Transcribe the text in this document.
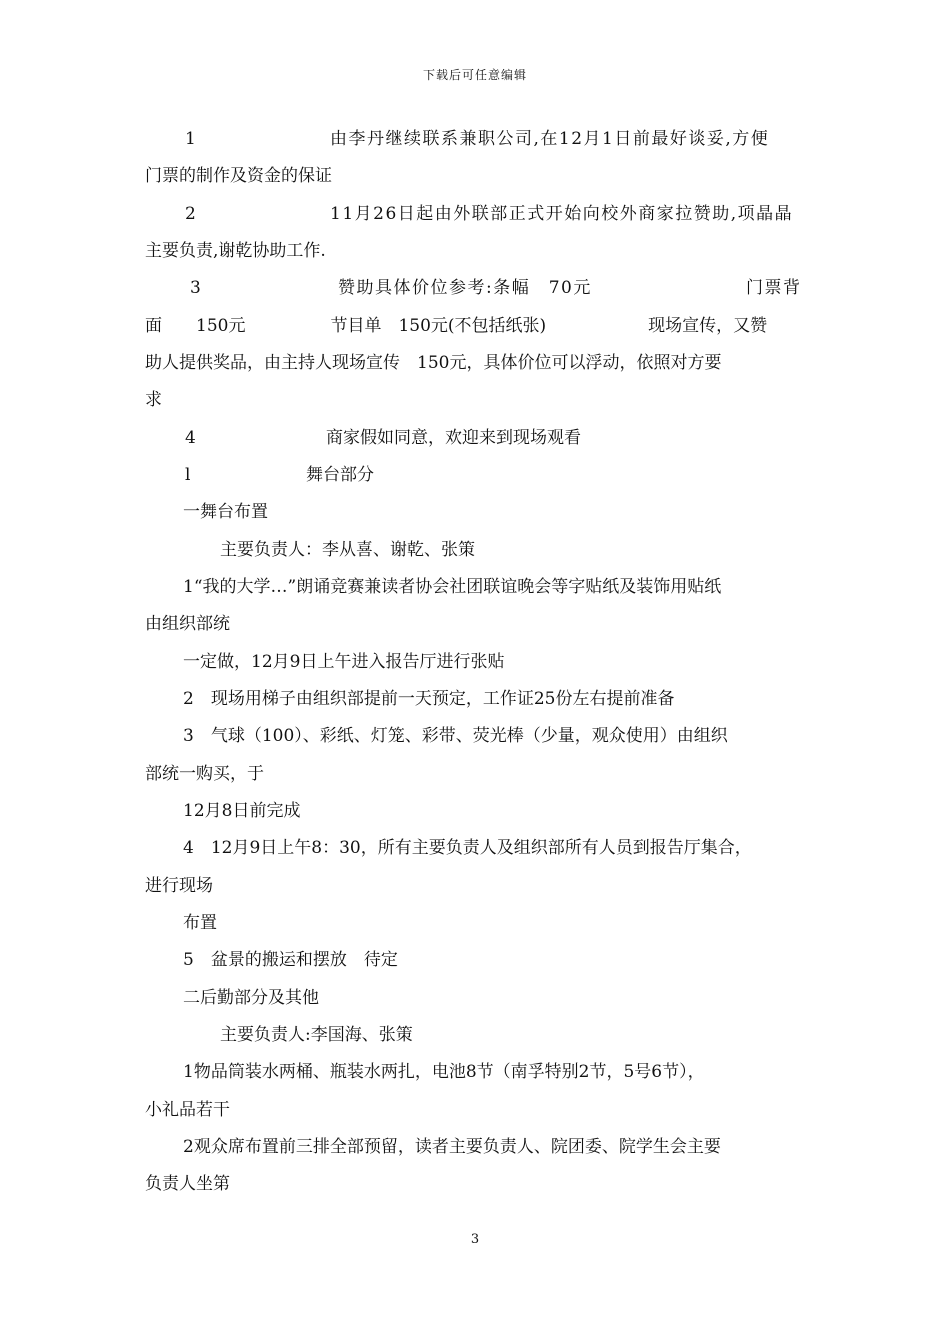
下载后可任意编辑
1	由李丹继续联系兼职公司,在12月1日前最好谈妥,方便
门票的制作及资金的保证
2	11月26日起由外联部正式开始向校外商家拉赞助,项晶晶
主要负责,谢乾协助工作.
3	赞助具体价位参考:条幅　70元	门票背
面　　150元　　　　　节目单　150元(不包括纸张)　　　　　　现场宣传，又赞
助人提供奖品，由主持人现场宣传　150元，具体价位可以浮动，依照对方要
求
4	商家假如同意，欢迎来到现场观看
l	舞台部分
一舞台布置
主要负责人：李从喜、谢乾、张策
1“我的大学…”朗诵竞赛兼读者协会社团联谊晚会等字贴纸及装饰用贴纸
由组织部统
一定做，12月9日上午进入报告厅进行张贴
2　现场用梯子由组织部提前一天预定，工作证25份左右提前准备
3　气球（100）、彩纸、灯笼、彩带、荧光棒（少量，观众使用）由组织
部统一购买，于
12月8日前完成
4　12月9日上午8：30，所有主要负责人及组织部所有人员到报告厅集合，
进行现场
布置
5　盆景的搬运和摆放　待定
二后勤部分及其他
主要负责人:李国海、张策
1物品筒装水两桶、瓶装水两扎，电池8节（南孚特别2节，5号6节），
小礼品若干
2观众席布置前三排全部预留，读者主要负责人、院团委、院学生会主要
负责人坐第
3
